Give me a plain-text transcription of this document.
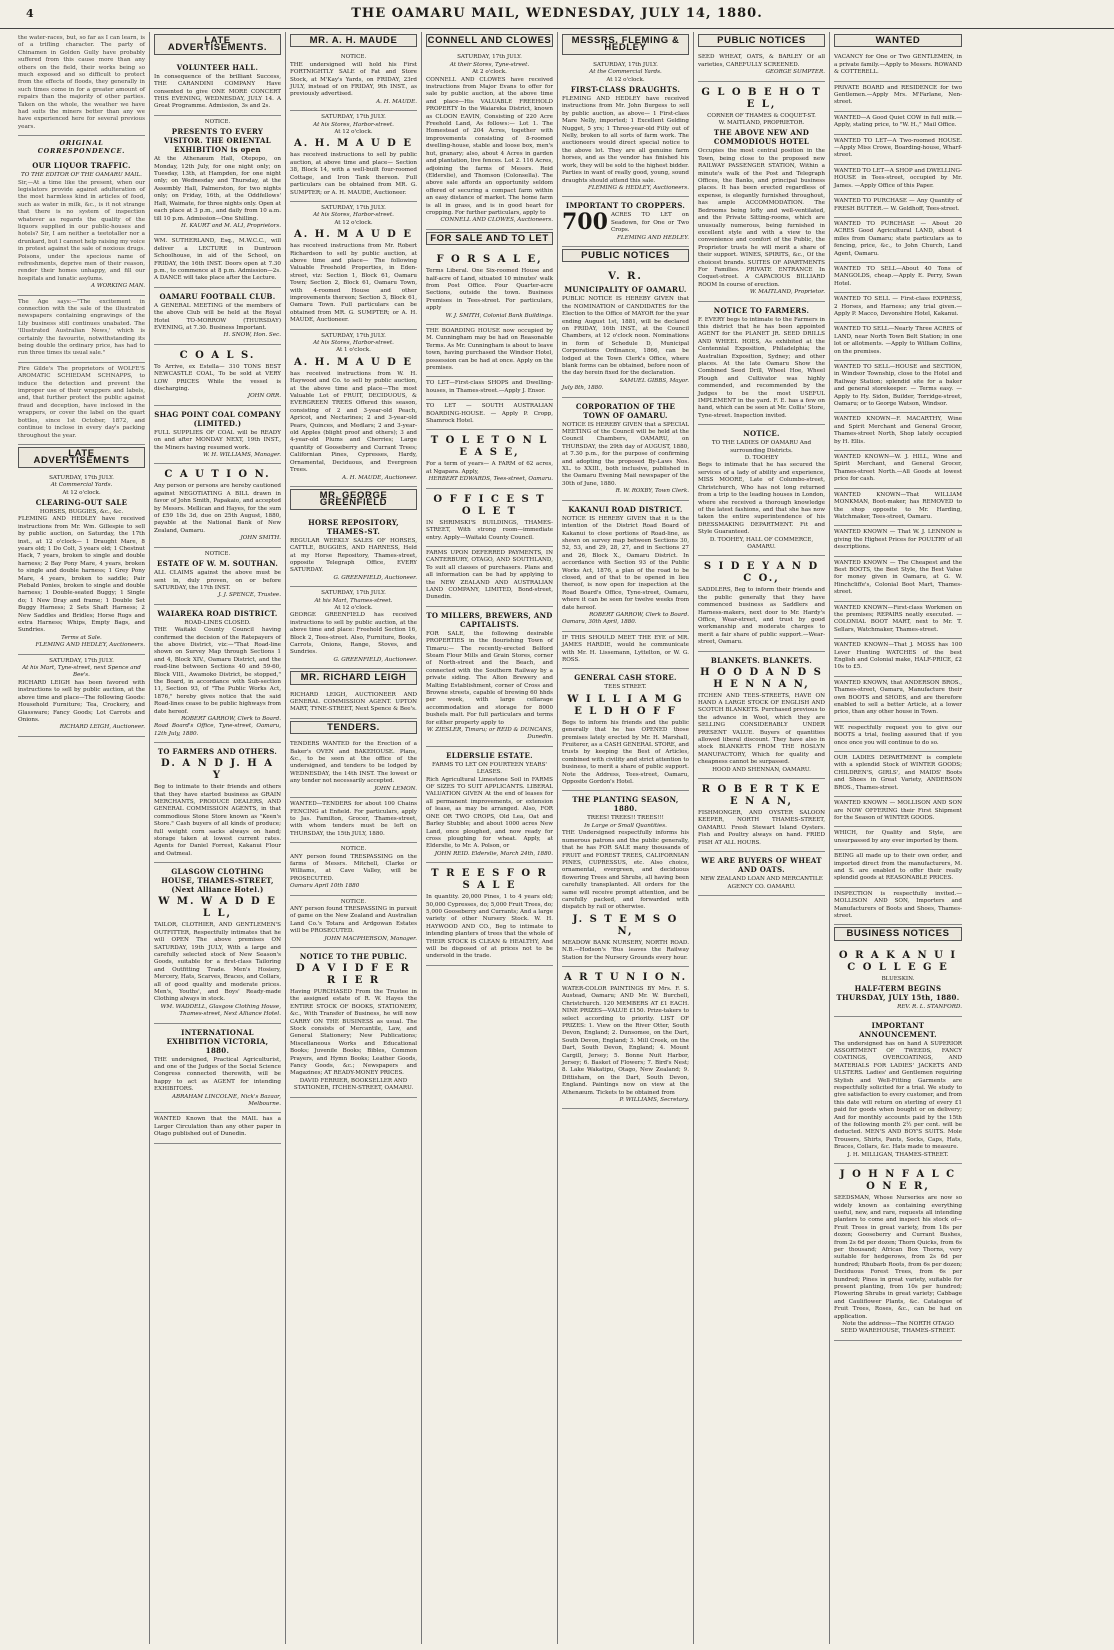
4	THE OAMARU MAIL, WEDNESDAY, JULY 14, 1880.
the water-races, but, so far as I can learn, is of a trifling character. The party of Chinamen in Golden Gully have probably suffered from this cause more than any others on the field, their works being so much exposed and so difficult to protect from the effects of floods, they generally in such times come in for a greater amount of repairs than the majority of other parties. Taken on the whole, the weather we have had suits the miners better than any we have experienced here for several previous years.
ORIGINAL CORRESPONDENCE.
OUR LIQUOR TRAFFIC.
TO THE EDITOR OF THE OAMARU MAIL.
Sir,—At a time like the present, when our legislators provide against adulteration of the most harmless kind in articles of food, such as water in milk, &c., is it not strange that there is no system of inspection whatever as regards the quality of the liquors supplied in our public-houses and hotels? Sir, I am neither a teetotaller nor a drunkard, but I cannot help raising my voice in protest against the sale of noxious drugs. Poisons, under the specious name of refreshments, deprive men of their reason, render their homes unhappy, and fill our hospitals and lunatic asylums.
A WORKING MAN.
The Age says:—"The excitement in connection with the sale of the illustrated newspapers containing engravings of the Lily business still continues unabated. The 'Illustrated Australian News,' which is certainly the favourite, notwithstanding its being double the ordinary price, has had to run three times its usual sale."
Fire Gilde's The proprietors of WOLFE'S AROMATIC SCHIEDAM SCHNAPPS, to induce the detection and prevent the improper use of their wrappers and labels, and, that further protect the public against fraud and deception, have inclosed in the wrappers, or cover the label on the quart bottles, since 1st October, 1872, and continue to inclose in every day's packing throughout the year.
LATE ADVERTISEMENTS
SATURDAY, 17th JULY.
At Commercial Yards.
At 12 o'clock.
CLEARING-OUT SALE
HORSES, BUGGIES, &c., &c.
FLEMING AND HEDLEY have received instructions from Mr. Wm. Gillespie to sell by public auction, on Saturday, the 17th inst., at 12 o'clock— 1 Draught Mare, 8 years old; 1 Do Colt, 3 years old; 1 Chestnut Hack, 7 years, broken to single and double harness; 2 Bay Pony Mare, 4 years, broken to single and double harness; 1 Grey Pony Mare, 4 years, broken to saddle; Pair Piebald Ponies, broken to single and double harness; 1 Double-seated Buggy; 1 Single do; 1 New Dray and frame; 1 Double Set Buggy Harness; 2 Sets Shaft Harness; 2 New Saddles and Bridles; Horse Rugs and extra Harness; Whips, Empty Bags, and Sundries.
Terms at Sale.
FLEMING AND HEDLEY, Auctioneers.
SATURDAY, 17th JULY.
At his Mart, Tyne-street, next Spence and Bee's.
RICHARD LEIGH has been favored with instructions to sell by public auction, at the above time and place—The following Goods: Household Furniture; Tea, Crockery, and Glassware; Fancy Goods; Lot Carrots and Onions.
RICHARD LEIGH, Auctioneer.
LATE ADVERTISEMENTS.
VOLUNTEER HALL.
In consequence of the brilliant Success, THE CARANDINI COMPANY Have consented to give ONE MORE CONCERT THIS EVENING, WEDNESDAY, JULY 14. A Great Programme. Admission, 3s and 2s.
NOTICE.
PRESENTS TO EVERY VISITOR. THE ORIENTAL EXHIBITION is open
At the Athenæum Hall, Otepopo, on Monday, 12th July, for one night only; on Tuesday, 13th, at Hampden, for one night only; on Wednesday and Thursday, at the Assembly Hall, Palmerston, for two nights only; on Friday, 16th, at the Oddfellows' Hall, Waimate, for three nights only. Open at each place at 3 p.m., and daily from 10 a.m. till 10 p.m. Admission—One Shilling.
H. KAURT and M. ALI, Proprietors.
WM. SUTHERLAND, Esq., M.W.C.C., will deliver a LECTURE in Duntroon Schoolhouse, in aid of the School, on FRIDAY, the 16th INST. Doors open at 7.30 p.m., to commence at 8 p.m. Admission—2s. A DANCE will take place after the Lecture.
OAMARU FOOTBALL CLUB.
A GENERAL MEETING of the members of the above Club will be held at the Royal Hotel TO-MORROW (THURSDAY) EVENING, at 7.30. Business Important.
H. SNOW, Hon. Sec.
C O A L S.
To Arrive, ex Estella— 310 TONS BEST NEWCASTLE COAL, To be sold at VERY LOW PRICES While the vessel is discharging.
JOHN ORR.
SHAG POINT COAL COMPANY (LIMITED.)
FULL SUPPLIES OF COAL will be READY on and after MONDAY NEXT, 19th INST., the Miners having resumed work.
W. H. WILLIAMS, Manager.
C A U T I O N.
Any person or persons are hereby cautioned against NEGOTIATING A BILL drawn in favor of John Smith, Papakaio, and accepted by Messrs. Mellican and Hayes, for the sum of £59 18s 3d, due on 25th August, 1880, payable at the National Bank of New Zealand, Oamaru.
JOHN SMITH.
NOTICE.
ESTATE OF W. M. SOUTHAN.
ALL CLAIMS against the above must be sent in, duly proven, on or before SATURDAY, the 17th INST.
J. J. SPENCE, Trustee.
WAIAREKA ROAD DISTRICT.
ROAD-LINES CLOSED.
THE Waitaki County Council having confirmed the decision of the Ratepayers of the above District, viz:—"That Road-line shown on Survey Map through Sections 1 and 4, Block XIV., Oamaru District, and the road-line between Sections 40 and 59-60, Block VIII., Awamoko District, be stopped," the Board, in accordance with Sub-section 11, Section 93, of "The Public Works Act, 1876," hereby gives notice that the said Road-lines cease to be public highways from date hereof.
ROBERT GARROW, Clerk to Board.
Road Board's Office, Tyne-street, Oamaru, 12th July, 1880.
TO FARMERS AND OTHERS.
D. A N D J. H A Y
Beg to intimate to their friends and others that they have started business as GRAIN MERCHANTS, PRODUCE DEALERS, AND GENERAL COMMISSION AGENTS, in that commodious Stone Store known as "Keen's Store." Cash buyers of all kinds of produce; full weight corn sacks always on hand; storage taken at lowest current rates. Agents for Daniel Forrest, Kakanui Flour and Oatmeal.
GLASGOW CLOTHING HOUSE, THAMES-STREET, (Next Alliance Hotel.)
W M. W A D D E L L,
TAILOR, CLOTHIER, AND GENTLEMEN'S OUTFITTER, Respectfully intimates that he will OPEN The above premises ON SATURDAY, 19th JULY, With a large and carefully selected stock of New Season's Goods, suitable for a first-class Tailoring and Outfitting Trade. Men's Hosiery, Mercery, Hats, Scarves, Braces, and Collars, all of good quality and moderate prices. Men's, Youths', and Boys' Ready-made Clothing always in stock.
WM. WADDELL, Glasgow Clothing House, Thames-street, Next Alliance Hotel.
INTERNATIONAL EXHIBITION VICTORIA, 1880.
THE undersigned, Practical Agriculturist, and one of the Judges of the Social Science Congress connected therewith, will be happy to act as AGENT for intending EXHIBITORS.
ABRAHAM LINCOLNE, Nick's Bazaar, Melbourne.
WANTED Known that the MAIL has a Larger Circulation than any other paper in Otago published out of Dunedin.
MR. A. H. MAUDE
NOTICE.
THE undersigned will hold his First FORTNIGHTLY SALE of Fat and Store Stock, at M'Kay's Yards, on FRIDAY, 23rd JULY, instead of on FRIDAY, 9th INST., as previously advertised.
A. H. MAUDE.
SATURDAY, 17th JULY.
At his Stores, Harbor-street.
At 12 o'clock.
A. H. M A U D E
has received instructions to sell by public auction, at above time and place— Section 38, Block 14, with a well-built four-roomed Cottage, and Iron Tank thereon. Full particulars can be obtained from MR. G. SUMPTER; or A. H. MAUDE, Auctioneer.
SATURDAY, 17th JULY.
At his Stores, Harbor-street.
At 12 o'clock.
A. H. M A U D E
has received instructions from Mr. Robert Richardson to sell by public auction, at above time and place— The following Valuable Freehold Properties, in Eden-street, viz: Section 1, Block 61, Oamaru Town; Section 2, Block 61, Oamaru Town, with 4-roomed House and other improvements thereon; Section 3, Block 61, Oamaru Town. Full particulars can be obtained from MR. G. SUMPTER; or A. H. MAUDE, Auctioneer.
SATURDAY, 17th JULY.
At his Stores, Harbor-street.
At 1 o'clock.
A. H. M A U D E
has received instructions from W. H. Haywood and Co. to sell by public auction, at the above time and place—The most Valuable Lot of FRUIT, DECIDUOUS, & EVERGREEN TREES Offered this season, consisting of 2 and 3-year-old Peach, Apricot, and Nectarines; 2 and 3-year-old Pears, Quinces, and Medlars; 2 and 3-year-old Apples (blight proof and others); 3 and 4-year-old Plums and Cherries; Large quantity of Gooseberry and Currant Trees; Californian Pines, Cypresses, Hardy, Ornamental, Deciduous, and Evergreen Trees.
A. H. MAUDE, Auctioneer.
MR. GEORGE GREENFIELD
HORSE REPOSITORY, THAMES-ST.
REGULAR WEEKLY SALES OF HORSES, CATTLE, BUGGIES, AND HARNESS, Held at my Horse Repository, Thames-street, opposite Telegraph Office, EVERY SATURDAY.
G. GREENFIELD, Auctioneer.
SATURDAY, 17th JULY.
At his Mart, Thames-street.
At 12 o'clock.
GEORGE GREENFIELD has received instructions to sell by public auction, at the above time and place: Freehold Section 16, Block 2, Tees-street. Also, Furniture, Books, Carrots, Onions, Range, Stoves, and Sundries.
G. GREENFIELD, Auctioneer.
MR. RICHARD LEIGH
RICHARD LEIGH, AUCTIONEER AND GENERAL COMMISSION AGENT. UPTON MART, TYNE-STREET, Next Spence & Bee's.
TENDERS.
TENDERS WANTED for the Erection of a Baker's OVEN and BAKEHOUSE. Plans, &c., to be seen at the office of the undersigned, and tenders to be lodged by WEDNESDAY, the 14th INST. The lowest or any tender not necessarily accepted.
JOHN LEMON.
WANTED—TENDERS for about 100 Chains FENCING at Enfield. For particulars, apply to Jas. Familton, Grocer, Thames-street, with whom tenders must be left on THURSDAY, the 15th JULY, 1880.
NOTICE.
ANY person found TRESPASSING on the farms of Messrs. Mitchell, Clarke or Williams, at Cave Valley, will be PROSECUTED.
Oamaru April 10th 1880
NOTICE.
ANY person found TRESPASSING in pursuit of game on the New Zealand and Australian Land Co.'s Totara and Ardgowan Estates will be PROSECUTED.
JOHN MACPHERSON, Manager.
NOTICE TO THE PUBLIC.
D A V I D F E R R I E R
Having PURCHASED From the Trustee in the assigned estate of R. W. Hayes the ENTIRE STOCK OF BOOKS, STATIONERY, &c., With Transfer of Business, he will now CARRY ON THE BUSINESS as usual. The Stock consists of Mercantile, Law, and General Stationery; New Publications; Miscellaneous Works and Educational Books; Juvenile Books; Bibles, Common Prayers, and Hymn Books; Leather Goods, Fancy Goods, &c.; Newspapers and Magazines; AT READY-MONEY PRICES.
DAVID FERRIER, BOOKSELLER AND STATIONER, ITCHEN-STREET, OAMARU.
CONNELL AND CLOWES
SATURDAY, 17th JULY.
At their Stores, Tyne-street.
At 2 o'clock.
CONNELL AND CLOWES have received instructions from Major Evans to offer for sale by public auction, at the above time and place—His VALUABLE FREEHOLD PROPERTY In the Waiareka District, known as CLOON EAVIN, Consisting of 220 Acre Freehold Land, As follows:— Lot 1. The Homestead of 204 Acres, together with improvements consisting of 8-roomed dwelling-house, stable and loose box, men's hut, granary; also, about 4 Acres in garden and plantation, live fences. Lot 2. 116 Acres, adjoining the farms of Messrs. Reid (Elderslie), and Thomson (Colonsella). The above sale affords an opportunity seldom offered of securing a compact farm within an easy distance of market. The home farm is all in grass, and is in good heart for cropping. For further particulars, apply to
CONNELL AND CLOWES, Auctioneers.
FOR SALE AND TO LET
F O R S A L E,
Terms Liberal. One Six-roomed House and half-acre of Land, situated 10 minutes' walk from Post Office. Four Quarter-acre Sections, outside the town. Business Premises in Tees-street. For particulars, apply
W. J. SMITH, Colonial Bank Buildings.
THE BOARDING HOUSE now occupied by M. Cunningham may be had on Reasonable Terms. As Mr. Cunningham is about to leave town, having purchased the Windsor Hotel, possession can be had at once. Apply on the premises.
TO LET—First-class SHOPS and Dwelling-houses, in Thames-street.—Apply J. Ensor.
TO LET — SOUTH AUSTRALIAN BOARDING-HOUSE. — Apply P. Cropp, Shamrock Hotel.
T O L E T O N L E A S E,
For a term of years— A FARM of 62 acres, at Ngapara. Apply,
HERBERT EDWARDS, Tees-street, Oamaru.
O F F I C E S T O L E T
IN SHRIMSKI'S BUILDINGS, THAMES-STREET, With strong room—immediate entry. Apply—Waitaki County Council.
FARMS UPON DEFERRED PAYMENTS, IN CANTERBURY, OTAGO, AND SOUTHLAND, To suit all classes of purchasers. Plans and all information can be had by applying to the NEW ZEALAND AND AUSTRALIAN LAND COMPANY, LIMITED, Bond-street, Dunedin.
TO MILLERS, BREWERS, AND CAPITALISTS.
FOR SALE, the following desirable PROPERTIES in the flourishing Town of Timaru:— The recently-erected Belford Steam Flour Mills and Grain Stores, corner of North-street and the Beach, and connected with the Southern Railway by a private siding. The Alton Brewery and Malting Establishment, corner of Cross and Browne streets, capable of brewing 60 hhds per week, with large cellarage accommodation and storage for 8000 bushels malt. For full particulars and terms for either property apply to
W. ZIESLER, Timaru; or REID & DUNCANS, Dunedin.
ELDERSLIE ESTATE.
FARMS TO LET ON FOURTEEN YEARS' LEASES.
Rich Agricultural Limestone Soil in FARMS OF SIZES TO SUIT APPLICANTS. LIBERAL VALUATION GIVEN At the end of leases for all permanent improvements, or extension of lease, as may be arranged. Also, FOR ONE OR TWO CROPS, Old Lea, Oat and Barley Stubble; and about 1000 acres New Land, once ploughed, and now ready for cross ploughing for wheat. Apply, at Elderslie, to Mr. A. Polson, or
JOHN REID. Elderslie, March 24th, 1880.
T R E E S F O R S A L E
In quantity. 20,000 Pines, 1 to 4 years old; 50,000 Cypresses, do; 5,000 Fruit Trees, do; 5,000 Gooseberry and Currants; And a large variety of other Nursery Stock. W. H. HAYWOOD AND CO., Beg to intimate to intending planters of trees that the whole of THEIR STOCK IS CLEAN & HEALTHY, And will be disposed of at prices not to be undersold in the trade.
MESSRS. FLEMING & HEDLEY
SATURDAY, 17th JULY.
At the Commercial Yards.
At 12 o'clock.
FIRST-CLASS DRAUGHTS.
FLEMING AND HEDLEY have received instructions from Mr. John Burgess to sell by public auction, as above— 1 First-class Mare Nelly, imported; 1 Excellent Gelding Nugget, 5 yrs; 1 Three-year-old Filly out of Nelly, broken to all sorts of farm work. The auctioneers would direct special notice to the above lot. They are all genuine farm horses, and as the vendor has finished his work, they will be sold to the highest bidder. Parties in want of really good, young, sound draughts should attend this sale.
FLEMING & HEDLEY, Auctioneers.
IMPORTANT TO CROPPERS.
700 ACRES TO LET on Seadown, for One or Two Crops.
FLEMING AND HEDLEY.
PUBLIC NOTICES
V. R.
MUNICIPALITY OF OAMARU.
PUBLIC NOTICE IS HEREBY GIVEN that the NOMINATION of CANDIDATES for the Election to the Office of MAYOR for the year ending August 1st, 1881, will be declared on FRIDAY, 16th INST., at the Council Chambers, at 12 o'clock noon. Nominations in form of Schedule D, Municipal Corporations Ordinance, 1866, can be lodged at the Town Clerk's Office, where blank forms can be obtained, before noon of the day herein fixed for the declaration.
SAMUEL GIBBS, Mayor.
July 8th, 1880.
CORPORATION OF THE TOWN OF OAMARU.
NOTICE IS HEREBY GIVEN that a SPECIAL MEETING of the Council will be held at the Council Chambers, OAMARU, on THURSDAY, the 29th day of AUGUST, 1880, at 7.30 p.m., for the purpose of confirming and adopting the proposed By-Laws Nos. XL. to XXIII., both inclusive, published in the Oamaru Evening Mail newspaper of the 30th of June, 1880.
R. W. ROXBY, Town Clerk.
KAKANUI ROAD DISTRICT.
NOTICE IS HEREBY GIVEN that it is the intention of the District Road Board of Kakanui to close portions of Road-line, as shewn on survey map between Sections 30, 52, 53, and 29, 28, 27, and in Sections 27 and 26, Block X., Oamaru District. In accordance with Section 93 of the Public Works Act, 1876, a plan of the road to be closed, and of that to be opened in lieu thereof, is now open for inspection at the Road Board's Office, Tyne-street, Oamaru, where it can be seen for twelve weeks from date hereof.
ROBERT GARROW, Clerk to Board.
Oamaru, 30th April, 1880.
IF THIS SHOULD MEET THE EYE of MR. JAMES HARDIE, would he communicate with Mr. H. Lissemann, Lyttelton, or W. G. ROSS.
GENERAL CASH STORE.
TEES STREET.
W I L L I A M G E L D H O F F
Begs to inform his friends and the public generally that he has OPENED those premises lately erected by Mr. H. Marshall, Fruiterer, as a CASH GENERAL STORE, and trusts by keeping the Best of Articles, combined with civility and strict attention to business, to merit a share of public support. Note the Address, Tees-street, Oamaru, Opposite Gordon's Hotel.
THE PLANTING SEASON, 1880.
TREES! TREES!! TREES!!!
In Large or Small Quantities.
THE Undersigned respectfully informs his numerous patrons and the public generally, that he has FOR SALE many thousands of FRUIT and FOREST TREES, CALIFORNIAN PINES, CUPRESSUS, etc. Also choice, ornamental, evergreen, and deciduous flowering Trees and Shrubs, all having been carefully transplanted. All orders for the same will receive prompt attention, and be carefully packed, and forwarded with dispatch by rail or otherwise.
J. S T E M S O N,
MEADOW BANK NURSERY, NORTH ROAD. N.B.—Hodson's 'Bus leaves the Railway Station for the Nursery Grounds every hour.
A R T U N I O N.
WATER-COLOR PAINTINGS BY Mrs. F. S. Austead, Oamaru; AND Mr. W. Burchell, Christchurch. 120 MEMBERS AT £1 EACH. NINE PRIZES—VALUE £150. Prize-takers to select according to priority. LIST OF PRIZES: 1. View on the River Otter, South Devon, England; 2. Dunsomee, on the Dart, South Devon, England; 3. Mill Creek, on the Dart, South Devon, England; 4. Mount Cargill, Jersey; 5. Bonne Nuit Harbor, Jersey; 6. Basket of Flowers; 7. Bird's Nest; 8. Lake Wakatipu, Otago, New Zealand; 9. Dittisham, on the Dart, South Devon, England. Paintings now on view at the Athenæum. Tickets to be obtained from
P. WILLIAMS, Secretary.
PUBLIC NOTICES
SEED WHEAT, OATS, & BARLEY Of all varieties, CAREFULLY SCREENED.
GEORGE SUMPTER.
G L O B E H O T E L,
CORNER OF THAMES & COQUET-ST.
W. MAITLAND, PROPRIETOR.
THE ABOVE NEW AND COMMODIOUS HOTEL
Occupies the most central position in the Town, being close to the proposed new RAILWAY PASSENGER STATION, Within a minute's walk of the Post and Telegraph Offices, the Banks, and principal business places. It has been erected regardless of expense, is elegantly furnished throughout, has ample ACCOMMODATION. The Bedrooms being lofty and well-ventilated, and the Private Sitting-rooms, which are unusually numerous, being furnished in excellent style and with a view to the convenience and comfort of the Public, the Proprietor trusts he will merit a share of their support. WINES, SPIRITS, &c., Of the choicest brands. SUITES OF APARTMENTS For Families. PRIVATE ENTRANCE In Coquet-street. A CAPACIOUS BILLIARD ROOM In course of erection.
W. MAITLAND, Proprietor.
NOTICE TO FARMERS.
F. EVERY begs to intimate to the Farmers in this district that he has been appointed AGENT for the PLANET JR. SEED DRILLS AND WHEEL HOES, As exhibited at the Centennial Exposition, Philadelphia; the Australian Exposition, Sydney; and other places. At the late Oamaru Show the Combined Seed Drill, Wheel Hoe, Wheel Plough and Cultivator was highly commended, and recommended by the Judges to be the most USEFUL IMPLEMENT in the yard. F. E. has a few on hand, which can be seen at Mr. Collis' Store, Tyne-street. Inspection invited.
NOTICE.
TO THE LADIES OF OAMARU And surrounding Districts.
D. TOOHEY
Begs to intimate that he has secured the services of a lady of ability and experience, MISS MOORE, Late of Columbo-street, Christchurch, Who has not long returned from a trip to the leading houses in London, where she received a thorough knowledge of the latest fashions, and that she has now taken the entire superintendence of his DRESSMAKING DEPARTMENT. Fit and Style Guaranteed.
D. TOOHEY, HALL OF COMMERCE, OAMARU.
S I D E Y A N D C O.,
SADDLERS, Beg to inform their friends and the public generally that they have commenced business as Saddlers and Harness-makers, next door to Mr. Hardy's Office, Wear-street, and trust by good workmanship and moderate charges to merit a fair share of public support.—Wear-street, Oamaru.
BLANKETS. BLANKETS.
H O O D A N D S H E N N A N,
ITCHEN AND TEES-STREETS, HAVE ON HAND A LARGE STOCK OF ENGLISH AND SCOTCH BLANKETS. Purchased previous to the advance in Wool, which they are SELLING CONSIDERABLY UNDER PRESENT VALUE. Buyers of quantities allowed liberal discount. They have also in stock BLANKETS FROM THE ROSLYN MANUFACTORY, Which for quality and cheapness cannot be surpassed.
HOOD AND SHENNAN, OAMARU.
R O B E R T K E E N A N,
FISHMONGER, AND OYSTER SALOON KEEPER, NORTH THAMES-STREET, OAMARU. Fresh Stewart Island Oysters. Fish and Poultry always on hand. FRIED FISH AT ALL HOURS.
WE ARE BUYERS OF WHEAT AND OATS.
NEW ZEALAND LOAN AND MERCANTILE AGENCY CO. OAMARU.
WANTED
VACANCY for One or Two GENTLEMEN, in a private family.—Apply to Messrs. ROWAND & COTTERELL.
PRIVATE BOARD and RESIDENCE for two Gentlemen.—Apply Mrs. M'Farlane, Nen-street.
WANTED—A Good Quiet COW in full milk.—Apply, stating price, to "W. H.," Mail Office.
WANTED TO LET—A Two-roomed HOUSE. —Apply Miss Crowe, Boarding-house, Wharf-street.
WANTED TO LET—A SHOP and DWELLING-HOUSE in Tees-street, occupied by Mr. James. —Apply Office of this Paper.
WANTED TO PURCHASE — Any Quantity of FRESH BUTTER.— W. Geldhoff, Tees-street.
WANTED TO PURCHASE — About 20 ACRES Good Agricultural LAND, about 4 miles from Oamaru; state particulars as to fencing, price, &c., to John Church, Land Agent, Oamaru.
WANTED TO SELL—About 40 Tons of MANGOLDS, cheap.—Apply E. Perry, Swan Hotel.
WANTED TO SELL — First-class EXPRESS, 2 Horses, and Harness; any trial given.—Apply P. Macco, Devonshire Hotel, Kakanui.
WANTED TO SELL—Nearly Three ACRES of LAND, near North Town Belt Station; in one lot or allotments. —Apply to William Collins, on the premises.
WANTED TO SELL—HOUSE and SECTION, in Windsor Township, close to the Hotel and Railway Station; splendid site for a baker and general storekeeper. — Terms easy. — Apply to Hy. Sidon, Builder, Torridge-street, Oamaru; or to George Watson, Windsor.
WANTED KNOWN—F. MACARTHY, Wine and Spirit Merchant and General Grocer, Thames-street North, Shop lately occupied by H. Ellis.
WANTED KNOWN—W. J. HILL, Wine and Spirit Merchant, and General Grocer, Thames-street North.—All Goods at lowest price for cash.
WANTED KNOWN—That WILLIAM MONKMAN, Boot-maker, has REMOVED to the shop opposite to Mr. Harding, Watchmaker, Tees-street, Oamaru.
WANTED KNOWN — That W. J. LENNON is giving the Highest Prices for POULTRY of all descriptions.
WANTED KNOWN — The Cheapest and the Best BOOTS, the Best Style, the Best Value for money given in Oamaru, at G. W. Hinchcliffe's, Colonial Boot Mart, Thames-street.
WANTED KNOWN—First-class Workmen on the premises; REPAIRS neatly executed. — COLONIAL BOOT MART, next to Mr. T. Sellars, Watchmaker, Thames-street.
WANTED KNOWN—That J. MOSS has 100 Lever Hunting WATCHES of the best English and Colonial make, HALF-PRICE, £2 10s to £5.
WANTED KNOWN, that ANDERSON BROS., Thames-street, Oamaru, Manufacture their own BOOTS and SHOES, and are therefore enabled to sell a better Article, at a lower price, than any other house in Town.
WE respectfully request you to give our BOOTS a trial, feeling assured that if you once once you will continue to do so.
OUR LADIES DEPARTMENT is complete with a splendid Stock of WINTER GOODS; CHILDREN'S, GIRLS', and MAIDS' Boots and Shoes in Great Variety, ANDERSON BROS., Thames-street.
WANTED KNOWN — MOLLISON AND SON are NOW OFFERING their First Shipment for the Season of WINTER GOODS.
WHICH, for Quality and Style, are unsurpassed by any ever imported by them.
BEING all made up to their own order, and imported direct from the manufacturers, M. and S. are enabled to offer their really splendid goods at REASONABLE PRICES.
INSPECTION is respectfully invited.— MOLLISON AND SON, Importers and Manufacturers of Boots and Shoes, Thames-street.
BUSINESS NOTICES
O R A K A N U I C O L L E G E
BLUESKIN.
HALF-TERM BEGINS THURSDAY, JULY 15th, 1880.
REV. R. L. STANFORD.
IMPORTANT ANNOUNCEMENT.
The undersigned has on hand A SUPERIOR ASSORTMENT OF TWEEDS, FANCY COATINGS, OVERCOATINGS, AND MATERIALS FOR LADIES' JACKETS AND ULSTERS. Ladies' and Gentlemen requiring Stylish and Well-Fitting Garments are respectfully solicited for a trial. We study to give satisfaction to every customer, and from this date will return on sterling of every £1 paid for goods when bought or on delivery; And for monthly accounts paid by the 15th of the following month 2½ per cent. will be deducted. MEN'S AND BOY'S SUITS. Mole Trousers, Shirts, Pants, Socks, Caps, Hats, Braces, Collars, &c. Hats made to measure.
J. H. MILLIGAN, THAMES-STREET.
J O H N F A L C O N E R,
SEEDSMAN, Whose Nurseries are now so widely known as containing everything useful, new, and rare, requests all intending planters to come and inspect his stock of— Fruit Trees in great variety, from 18s per dozen; Gooseberry and Currant Bushes, from 2s 6d per dozen; Thorn Quicks, from 6s per thousand; African Box Thorns, very suitable for hedgerows, from 2s 6d per hundred; Rhubarb Roots, from 6s per dozen; Deciduous Forest Trees, from 6s per hundred; Pines in great variety, suitable for present planting, from 10s per hundred; Flowering Shrubs in great variety; Cabbage and Cauliflower Plants, &c. Catalogue of Fruit Trees, Roses, &c., can be had on application.
Note the address—The NORTH OTAGO SEED WAREHOUSE, THAMES-STREET.
